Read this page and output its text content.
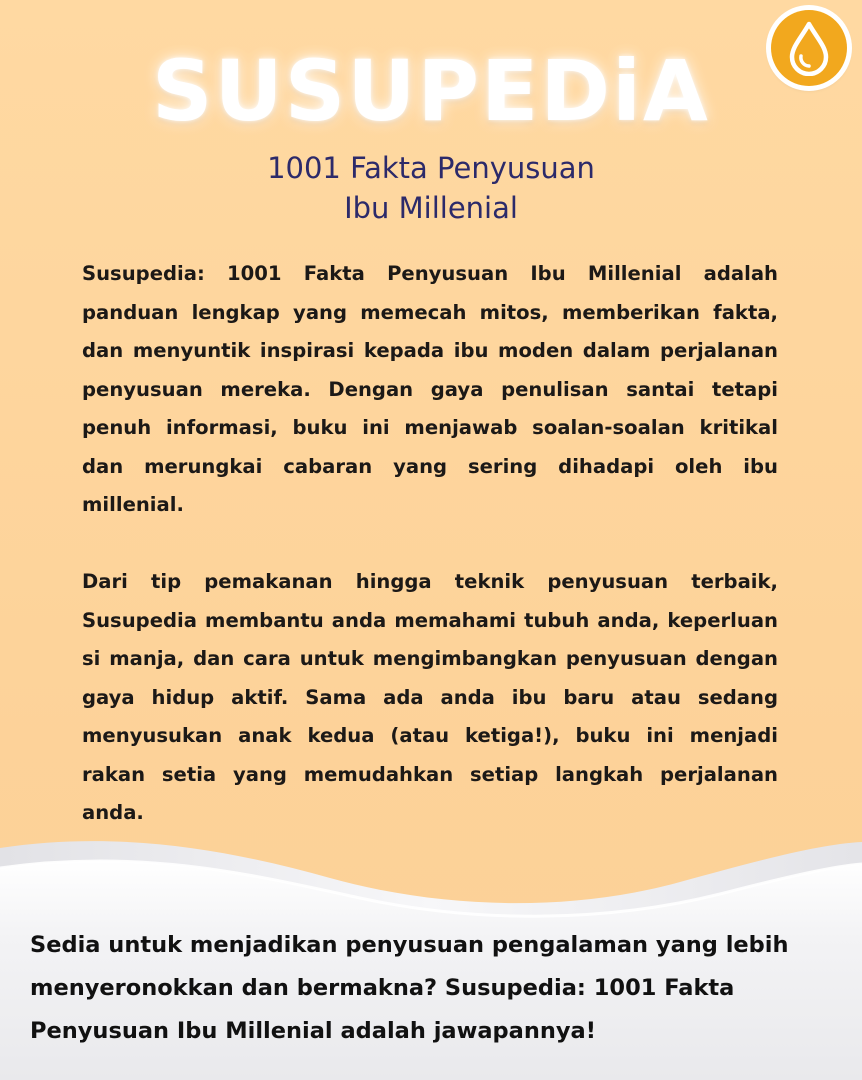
SUSUPEDiA
1001 Fakta Penyusuan
Ibu Millenial

Susupedia: 1001 Fakta Penyusuan Ibu Millenial adalah panduan lengkap yang memecah mitos, memberikan fakta, dan menyuntik inspirasi kepada ibu moden dalam perjalanan penyusuan mereka. Dengan gaya penulisan santai tetapi penuh informasi, buku ini menjawab soalan-soalan kritikal dan merungkai cabaran yang sering dihadapi oleh ibu millenial.

Dari tip pemakanan hingga teknik penyusuan terbaik, Susupedia membantu anda memahami tubuh anda, keperluan si manja, dan cara untuk mengimbangkan penyusuan dengan gaya hidup aktif. Sama ada anda ibu baru atau sedang menyusukan anak kedua (atau ketiga!), buku ini menjadi rakan setia yang memudahkan setiap langkah perjalanan anda.

Sedia untuk menjadikan penyusuan pengalaman yang lebih menyeronokkan dan bermakna? Susupedia: 1001 Fakta Penyusuan Ibu Millenial adalah jawapannya!
